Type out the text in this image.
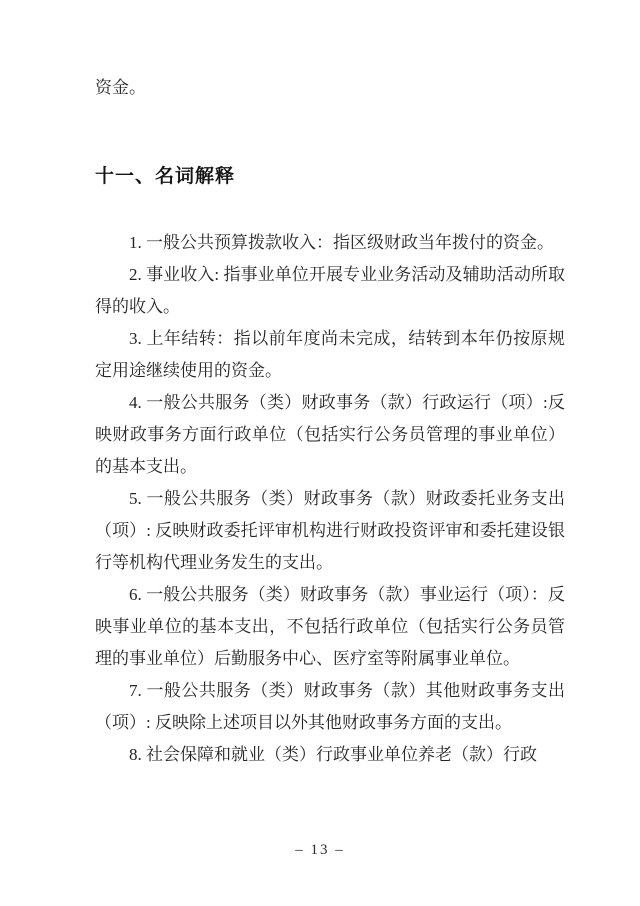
资金。

十一、名词解释

1. 一般公共预算拨款收入：指区级财政当年拨付的资金。

2. 事业收入: 指事业单位开展专业业务活动及辅助活动所取得的收入。

3. 上年结转：指以前年度尚未完成，结转到本年仍按原规定用途继续使用的资金。

4. 一般公共服务（类）财政事务（款）行政运行（项）:反映财政事务方面行政单位（包括实行公务员管理的事业单位）的基本支出。

5. 一般公共服务（类）财政事务（款）财政委托业务支出（项）: 反映财政委托评审机构进行财政投资评审和委托建设银行等机构代理业务发生的支出。

6. 一般公共服务（类）财政事务（款）事业运行（项）：反映事业单位的基本支出，不包括行政单位（包括实行公务员管理的事业单位）后勤服务中心、医疗室等附属事业单位。

7. 一般公共服务（类）财政事务（款）其他财政事务支出（项）: 反映除上述项目以外其他财政事务方面的支出。

8. 社会保障和就业（类）行政事业单位养老（款）行政

– 13 –
